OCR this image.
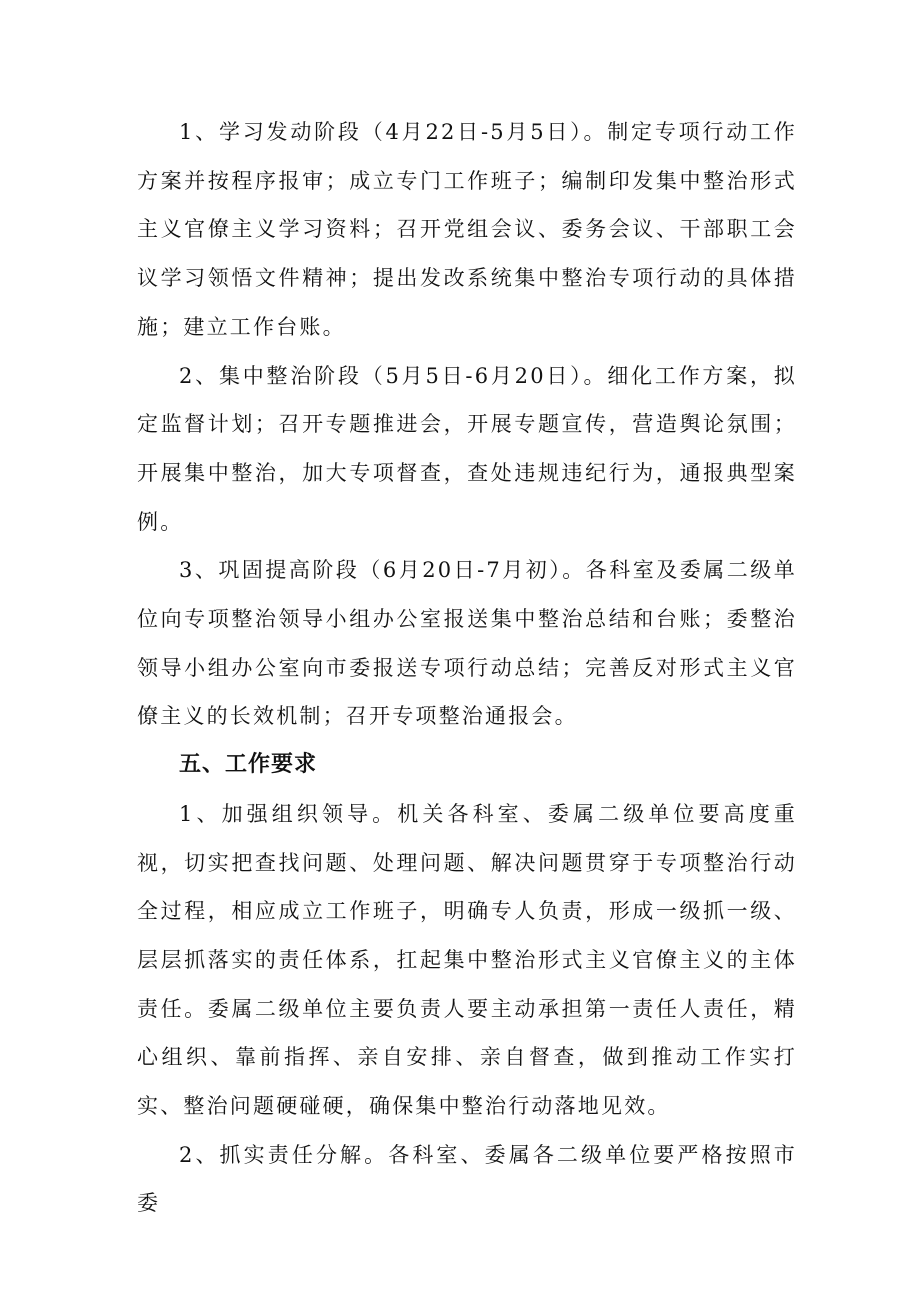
1、学习发动阶段（4月22日-5月5日）。制定专项行动工作方案并按程序报审；成立专门工作班子；编制印发集中整治形式主义官僚主义学习资料；召开党组会议、委务会议、干部职工会议学习领悟文件精神；提出发改系统集中整治专项行动的具体措施；建立工作台账。

2、集中整治阶段（5月5日-6月20日）。细化工作方案，拟定监督计划；召开专题推进会，开展专题宣传，营造舆论氛围；开展集中整治，加大专项督查，查处违规违纪行为，通报典型案例。

3、巩固提高阶段（6月20日-7月初）。各科室及委属二级单位向专项整治领导小组办公室报送集中整治总结和台账；委整治领导小组办公室向市委报送专项行动总结；完善反对形式主义官僚主义的长效机制；召开专项整治通报会。

五、工作要求

1、加强组织领导。机关各科室、委属二级单位要高度重视，切实把查找问题、处理问题、解决问题贯穿于专项整治行动全过程，相应成立工作班子，明确专人负责，形成一级抓一级、层层抓落实的责任体系，扛起集中整治形式主义官僚主义的主体责任。委属二级单位主要负责人要主动承担第一责任人责任，精心组织、靠前指挥、亲自安排、亲自督查，做到推动工作实打实、整治问题硬碰硬，确保集中整治行动落地见效。

2、抓实责任分解。各科室、委属各二级单位要严格按照市委
